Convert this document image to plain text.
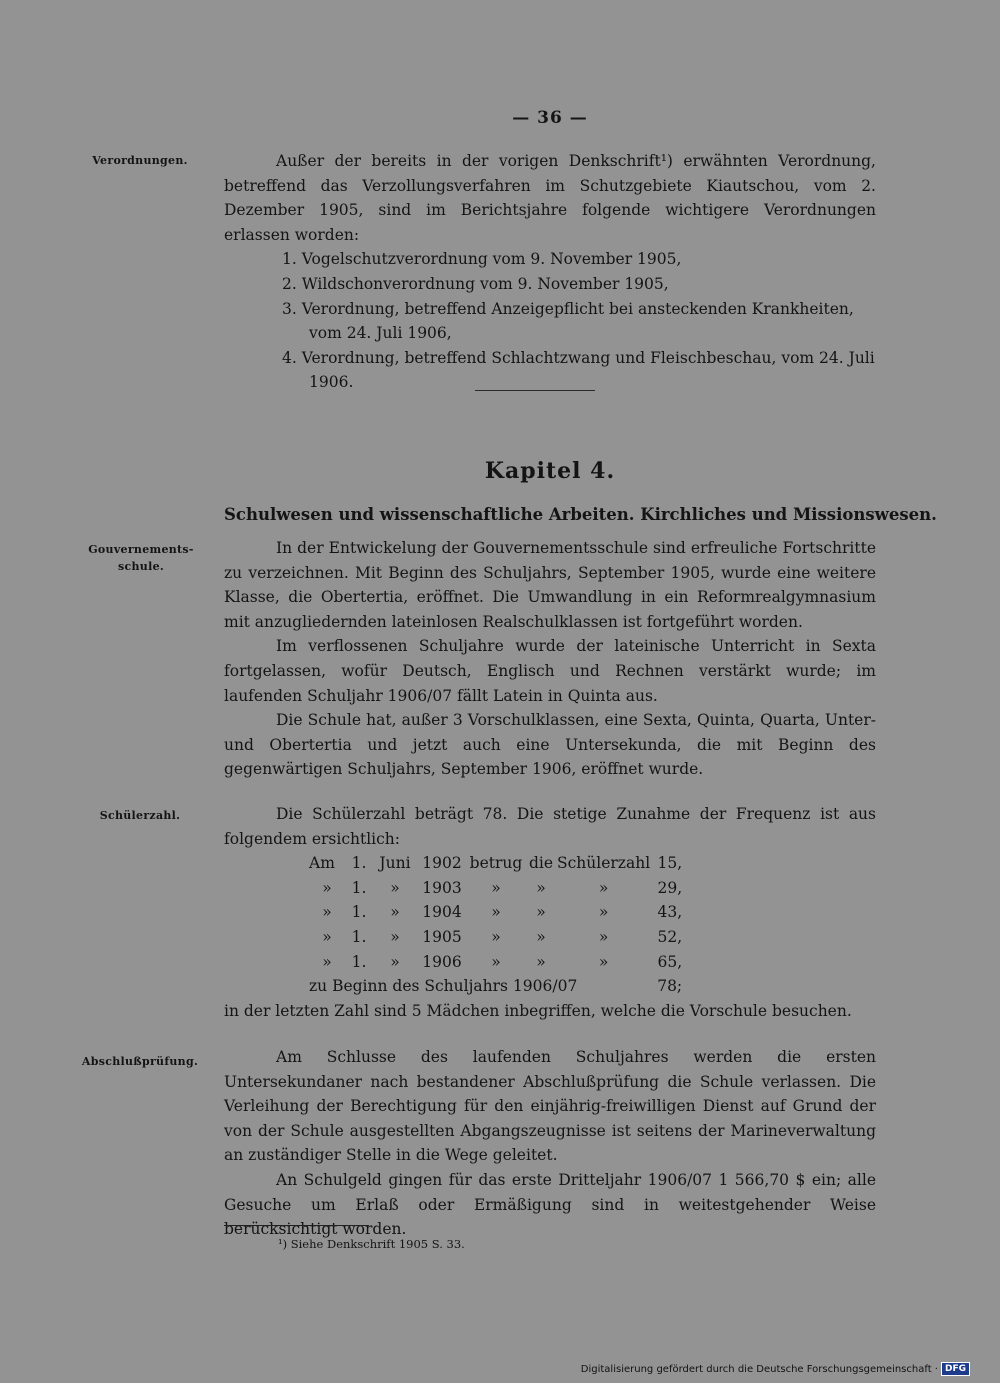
— 36 —
Verordnungen.	Außer der bereits in der vorigen Denkschrift¹) erwähnten Verordnung, betreffend das Verzollungsverfahren im Schutzgebiete Kiautschou, vom 2. Dezember 1905, sind im Berichtsjahre folgende wichtigere Verordnungen erlassen worden:

1. Vogelschutzverordnung vom 9. November 1905,

2. Wildschonverordnung vom 9. November 1905,

3. Verordnung, betreffend Anzeigepflicht bei ansteckenden Krankheiten, vom 24. Juli 1906,

4. Verordnung, betreffend Schlachtzwang und Fleischbeschau, vom 24. Juli 1906.

Kapitel 4.
Schulwesen und wissenschaftliche Arbeiten. Kirchliches und Missionswesen.
Gouvernements-schule.

In der Entwickelung der Gouvernementsschule sind erfreuliche Fortschritte zu verzeichnen. Mit Beginn des Schuljahrs, September 1905, wurde eine weitere Klasse, die Obertertia, eröffnet. Die Umwandlung in ein Reformrealgymnasium mit anzugliedernden lateinlosen Realschulklassen ist fortgeführt worden.

Im verflossenen Schuljahre wurde der lateinische Unterricht in Sexta fortgelassen, wofür Deutsch, Englisch und Rechnen verstärkt wurde; im laufenden Schuljahr 1906/07 fällt Latein in Quinta aus.

Die Schule hat, außer 3 Vorschulklassen, eine Sexta, Quinta, Quarta, Unter- und Obertertia und jetzt auch eine Untersekunda, die mit Beginn des gegenwärtigen Schuljahrs, September 1906, eröffnet wurde.

Schülerzahl.	Die Schülerzahl beträgt 78. Die stetige Zunahme der Frequenz ist aus folgendem ersichtlich:

Am	1.	Juni	1902	betrug	die	Schülerzahl	15,
»	1.	»	1903	»	»	»	29,
»	1.	»	1904	»	»	»	43,
»	1.	»	1905	»	»	»	52,
»	1.	»	1906	»	»	»	65,
zu Beginn des Schuljahrs 1906/07							78;

in der letzten Zahl sind 5 Mädchen inbegriffen, welche die Vorschule besuchen.

Abschlußprüfung.	Am Schlusse des laufenden Schuljahres werden die ersten Untersekundaner nach bestandener Abschlußprüfung die Schule verlassen. Die Verleihung der Berechtigung für den einjährig-freiwilligen Dienst auf Grund der von der Schule ausgestellten Abgangszeugnisse ist seitens der Marineverwaltung an zuständiger Stelle in die Wege geleitet.

An Schulgeld gingen für das erste Dritteljahr 1906/07 1 566,70 $ ein; alle Gesuche um Erlaß oder Ermäßigung sind in weitestgehender Weise berücksichtigt worden.

¹) Siehe Denkschrift 1905 S. 33.
Digitalisierung gefördert durch die Deutsche Forschungsgemeinschaft · DFG
